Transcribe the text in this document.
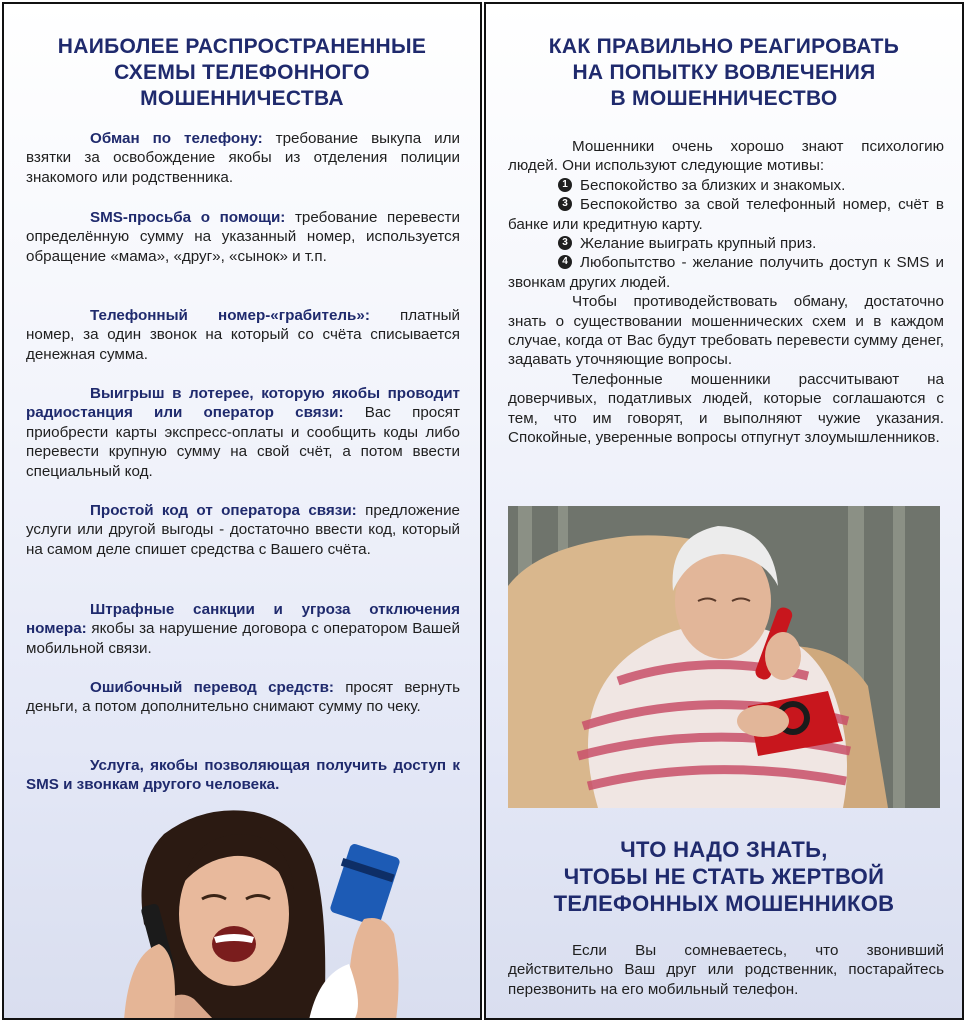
НАИБОЛЕЕ РАСПРОСТРАНЕННЫЕ

СХЕМЫ ТЕЛЕФОННОГО

МОШЕННИЧЕСТВА

Обман по телефону: требование выкупа или взятки за освобождение якобы из отделения полиции знакомого или родственника.

SMS-просьба о помощи: требование перевести определённую сумму на указанный номер, используется обращение «мама», «друг», «сынок» и т.п.

Телефонный номер-«грабитель»: платный номер, за один звонок на который со счёта списывается денежная сумма.

Выигрыш в лотерее, которую якобы проводит радиостанция или оператор связи: Вас просят приобрести карты экспресс-оплаты и сообщить коды либо перевести крупную сумму на свой счёт, а потом ввести специальный код.

Простой код от оператора связи: предложение услуги или другой выгоды - достаточно ввести код, который на самом деле спишет средства с Вашего счёта.

Штрафные санкции и угроза отключения номера: якобы за нарушение договора с оператором Вашей мобильной связи.

Ошибочный перевод средств: просят вернуть деньги, а потом дополнительно снимают сумму по чеку.

Услуга, якобы позволяющая получить доступ к SMS и звонкам другого человека.

КАК ПРАВИЛЬНО РЕАГИРОВАТЬ

НА ПОПЫТКУ ВОВЛЕЧЕНИЯ

В МОШЕННИЧЕСТВО

Мошенники очень хорошо знают психологию людей. Они используют следующие мотивы:

1 Беспокойство за близких и знакомых.

3 Беспокойство за свой телефонный номер, счёт в банке или кредитную карту.

3 Желание выиграть крупный приз.

4 Любопытство - желание получить доступ к SMS и звонкам других людей.

Чтобы противодействовать обману, достаточно знать о существовании мошеннических схем и в каждом случае, когда от Вас будут требовать перевести сумму денег, задавать уточняющие вопросы.

Телефонные мошенники рассчитывают на доверчивых, податливых людей, которые соглашаются с тем, что им говорят, и выполняют чужие указания. Спокойные, уверенные вопросы отпугнут злоумышленников.

ЧТО НАДО ЗНАТЬ,

ЧТОБЫ НЕ СТАТЬ ЖЕРТВОЙ

ТЕЛЕФОННЫХ МОШЕННИКОВ

Если Вы сомневаетесь, что звонивший действительно Ваш друг или родственник, постарайтесь перезвонить на его мобильный телефон.
